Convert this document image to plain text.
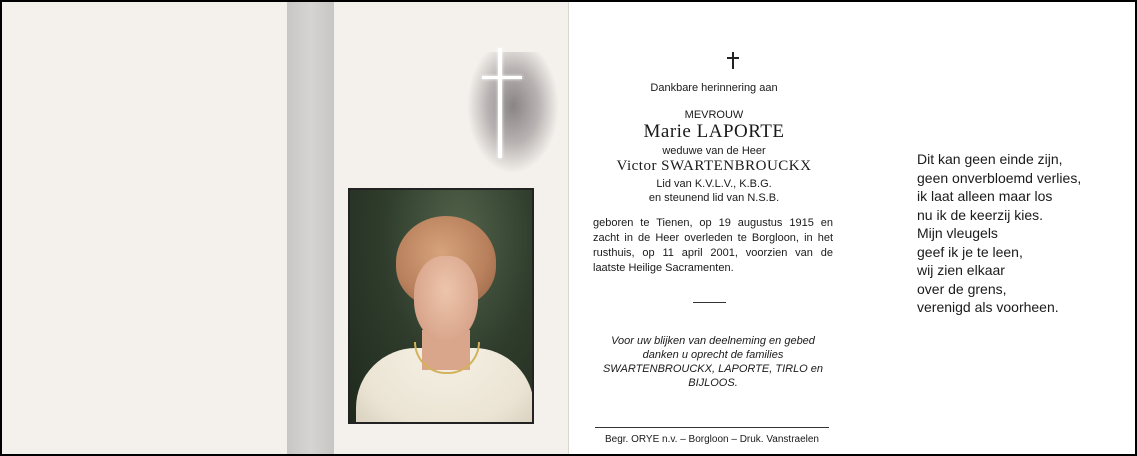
Dankbare herinnering aan
MEVROUW
Marie LAPORTE
weduwe van de Heer
Victor SWARTENBROUCKX
Lid van K.V.L.V., K.B.G.
en steunend lid van N.S.B.
geboren te Tienen, op 19 augustus 1915 en zacht in de Heer overleden te Borgloon, in het rusthuis, op 11 april 2001, voorzien van de laatste Heilige Sacramenten.
Voor uw blijken van deelneming en gebed danken u oprecht de families SWARTENBROUCKX, LAPORTE, TIRLO en BIJLOOS.
Begr. ORYE n.v. – Borgloon – Druk. Vanstraelen
Dit kan geen einde zijn,
geen onverbloemd verlies,
ik laat alleen maar los
nu ik de keerzij kies.
Mijn vleugels
geef ik je te leen,
wij zien elkaar
over de grens,
verenigd als voorheen.
